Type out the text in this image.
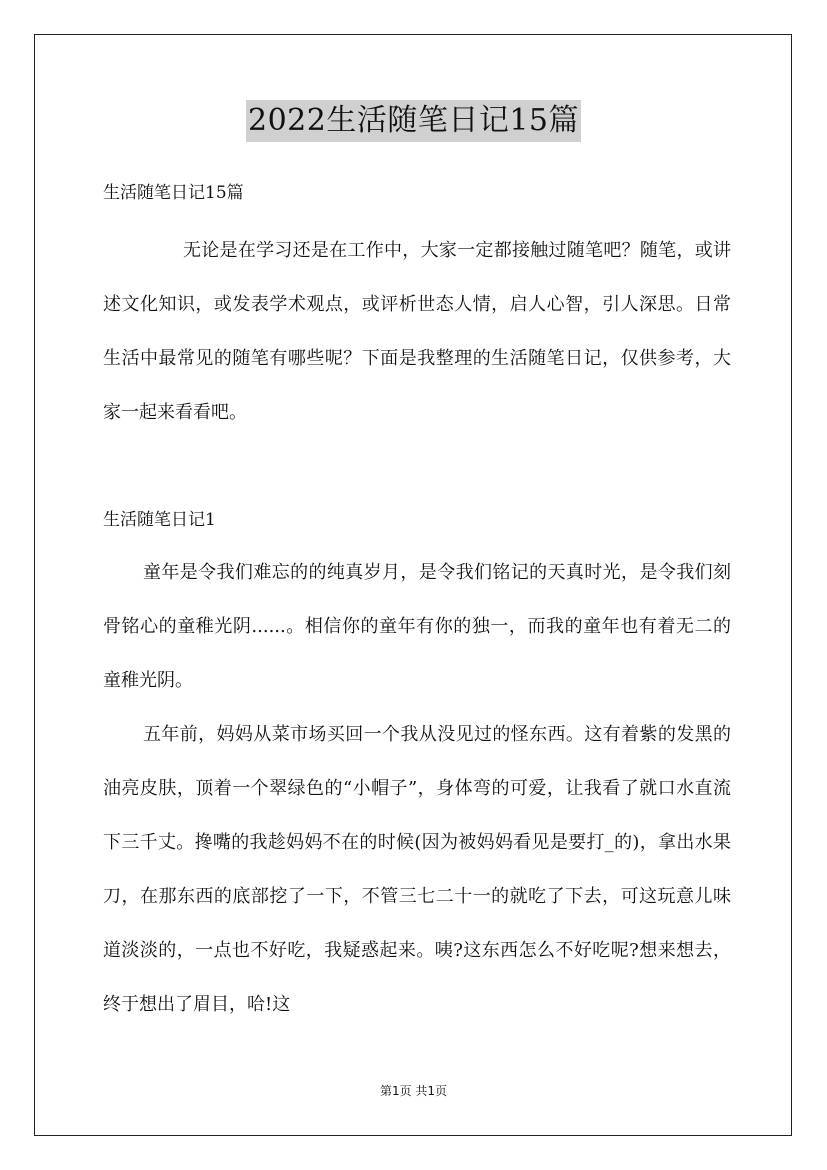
2022生活随笔日记15篇
生活随笔日记15篇

无论是在学习还是在工作中，大家一定都接触过随笔吧？随笔，或讲述文化知识，或发表学术观点，或评析世态人情，启人心智，引人深思。日常生活中最常见的随笔有哪些呢？下面是我整理的生活随笔日记，仅供参考，大家一起来看看吧。

生活随笔日记1

童年是令我们难忘的的纯真岁月，是令我们铭记的天真时光，是令我们刻骨铭心的童稚光阴......。相信你的童年有你的独一，而我的童年也有着无二的童稚光阴。

五年前，妈妈从菜市场买回一个我从没见过的怪东西。这有着紫的发黑的油亮皮肤，顶着一个翠绿色的“小帽子”，身体弯的可爱，让我看了就口水直流下三千丈。搀嘴的我趁妈妈不在的时候(因为被妈妈看见是要打_的)，拿出水果刀，在那东西的底部挖了一下，不管三七二十一的就吃了下去，可这玩意儿味道淡淡的，一点也不好吃，我疑惑起来。咦?这东西怎么不好吃呢?想来想去，终于想出了眉目，哈!这

第1页 共1页
